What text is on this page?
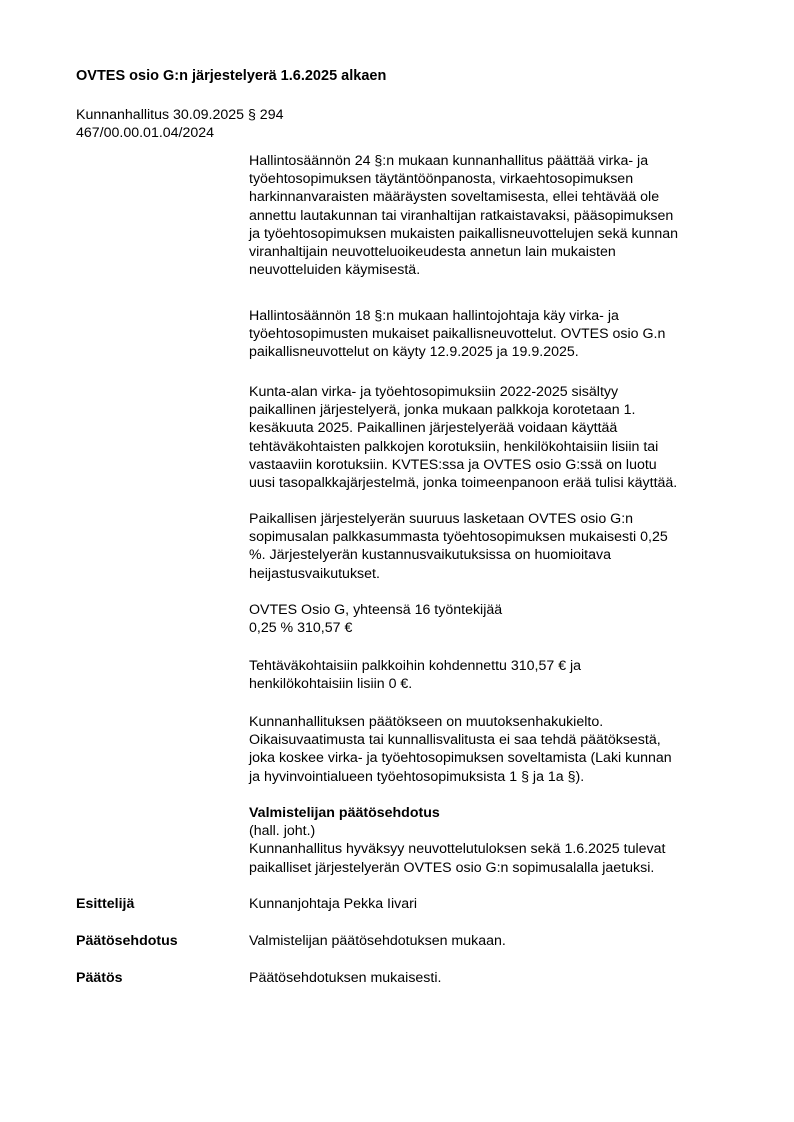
OVTES osio G:n järjestelyerä 1.6.2025 alkaen
Kunnanhallitus 30.09.2025 § 294
467/00.00.01.04/2024

Hallintosäännön 24 §:n mukaan kunnanhallitus päättää virka- ja

työehtosopimuksen täytäntöönpanosta, virkaehtosopimuksen

harkinnanvaraisten määräysten soveltamisesta, ellei tehtävää ole

annettu lautakunnan tai viranhaltijan ratkaistavaksi, pääsopimuksen

ja työehtosopimuksen mukaisten paikallisneuvottelujen sekä kunnan

viranhaltijain neuvotteluoikeudesta annetun lain mukaisten

neuvotteluiden käymisestä.

Hallintosäännön 18 §:n mukaan hallintojohtaja käy virka- ja

työehtosopimusten mukaiset paikallisneuvottelut. OVTES osio G.n

paikallisneuvottelut on käyty 12.9.2025 ja 19.9.2025.

Kunta-alan virka- ja työehtosopimuksiin 2022-2025 sisältyy

paikallinen järjestelyerä, jonka mukaan palkkoja korotetaan 1.

kesäkuuta 2025. Paikallinen järjestelyerää voidaan käyttää

tehtäväkohtaisten palkkojen korotuksiin, henkilökohtaisiin lisiin tai

vastaaviin korotuksiin. KVTES:ssa ja OVTES osio G:ssä on luotu

uusi tasopalkkajärjestelmä, jonka toimeenpanoon erää tulisi käyttää.

Paikallisen järjestelyerän suuruus lasketaan OVTES osio G:n

sopimusalan palkkasummasta työehtosopimuksen mukaisesti 0,25

%. Järjestelyerän kustannusvaikutuksissa on huomioitava

heijastusvaikutukset.

OVTES Osio G, yhteensä 16 työntekijää

0,25 % 310,57 €

Tehtäväkohtaisiin palkkoihin kohdennettu 310,57 € ja

henkilökohtaisiin lisiin 0 €.

Kunnanhallituksen päätökseen on muutoksenhakukielto.

Oikaisuvaatimusta tai kunnallisvalitusta ei saa tehdä päätöksestä,

joka koskee virka- ja työehtosopimuksen soveltamista (Laki kunnan

ja hyvinvointialueen työehtosopimuksista 1 § ja 1a §).

Valmistelijan päätösehdotus

(hall. joht.)

Kunnanhallitus hyväksyy neuvottelutuloksen sekä 1.6.2025 tulevat

paikalliset järjestelyerän OVTES osio G:n sopimusalalla jaetuksi.

Esittelijä	Kunnanjohtaja Pekka Iivari
Päätösehdotus	Valmistelijan päätösehdotuksen mukaan.
Päätös	Päätösehdotuksen mukaisesti.
